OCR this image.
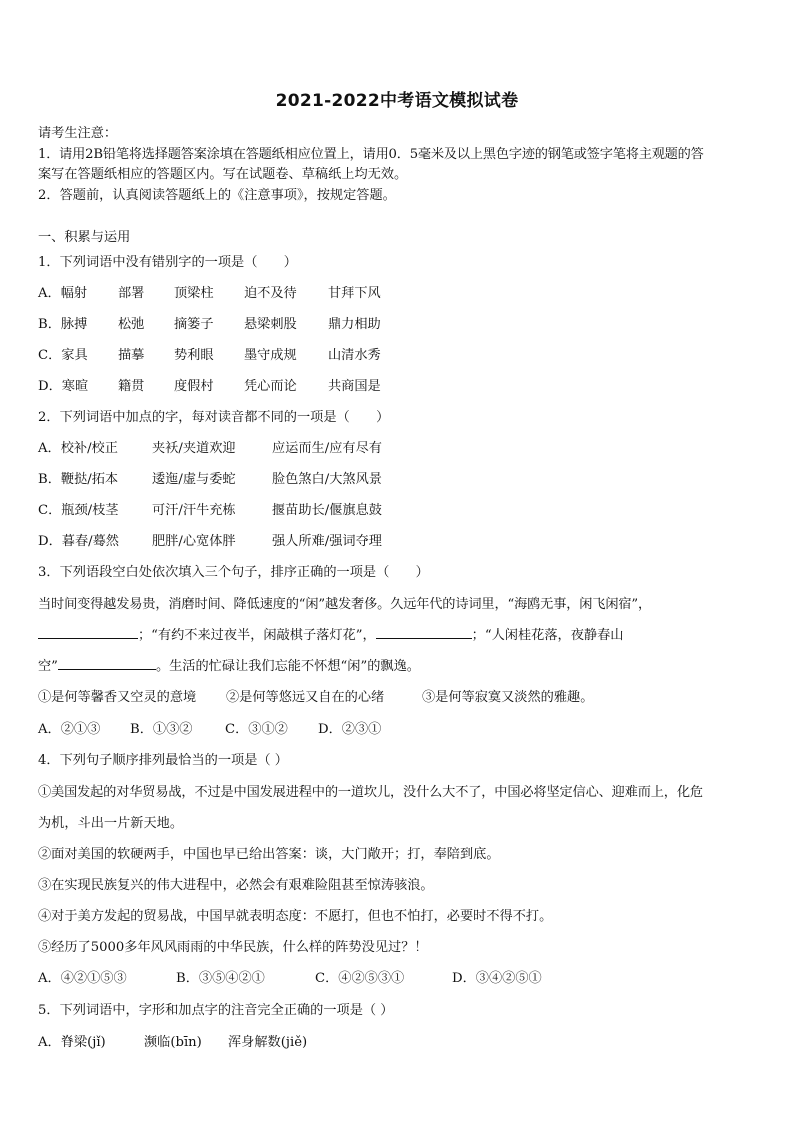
2021-2022中考语文模拟试卷
请考生注意：
1．请用2B铅笔将选择题答案涂填在答题纸相应位置上，请用0．5毫米及以上黑色字迹的钢笔或签字笔将主观题的答
案写在答题纸相应的答题区内。写在试题卷、草稿纸上均无效。
2．答题前，认真阅读答题纸上的《注意事项》，按规定答题。
一、积累与运用
1．下列词语中没有错别字的一项是（　　）
A．幅射 部署 顶梁柱 迫不及待 甘拜下风
B．脉搏 松弛 摘篓子 悬梁刺股 鼎力相助
C．家具 描摹 势利眼 墨守成规 山清水秀
D．寒暄 籍贯 度假村 凭心而论 共商国是
2．下列词语中加点的字，每对读音都不同的一项是（　　）
A．校补/校正	夹袄/夹道欢迎	应运而生/应有尽有
B．鞭挞/拓本	逶迤/虚与委蛇	脸色煞白/大煞风景
C．瓶颈/枝茎	可汗/汗牛充栋	揠苗助长/偃旗息鼓
D．暮春/蓦然	肥胖/心宽体胖	强人所难/强词夺理
3．下列语段空白处依次填入三个句子，排序正确的一项是（　　）
当时间变得越发易贵，消磨时间、降低速度的“闲”越发奢侈。久远年代的诗词里，“海鸥无事，闲飞闲宿”，
；“有约不来过夜半，闲敲棋子落灯花”，	；“人闲桂花落，夜静春山
空”	。生活的忙碌让我们忘能不怀想“闲”的飘逸。
①是何等馨香又空灵的意境 ②是何等悠远又自在的心绪	③是何等寂寞又淡然的雅趣。
A．②①③ B．①③② C．③①② D．②③①
4．下列句子顺序排列最恰当的一项是（ ）
①美国发起的对华贸易战，不过是中国发展进程中的一道坎儿，没什么大不了，中国必将坚定信心、迎难而上，化危
为机，斗出一片新天地。
②面对美国的软硬两手，中国也早已给出答案：谈，大门敞开；打，奉陪到底。
③在实现民族复兴的伟大进程中，必然会有艰难险阻甚至惊涛骇浪。
④对于美方发起的贸易战，中国早就表明态度：不愿打，但也不怕打，必要时不得不打。
⑤经历了5000多年风风雨雨的中华民族，什么样的阵势没见过？！
A．④②①⑤③	B．③⑤④②①	C．④②⑤③①	D．③④②⑤①
5．下列词语中，字形和加点字的注音完全正确的一项是（ ）
A．脊梁(jǐ)	濒临(bīn) 浑身解数(jiě)
